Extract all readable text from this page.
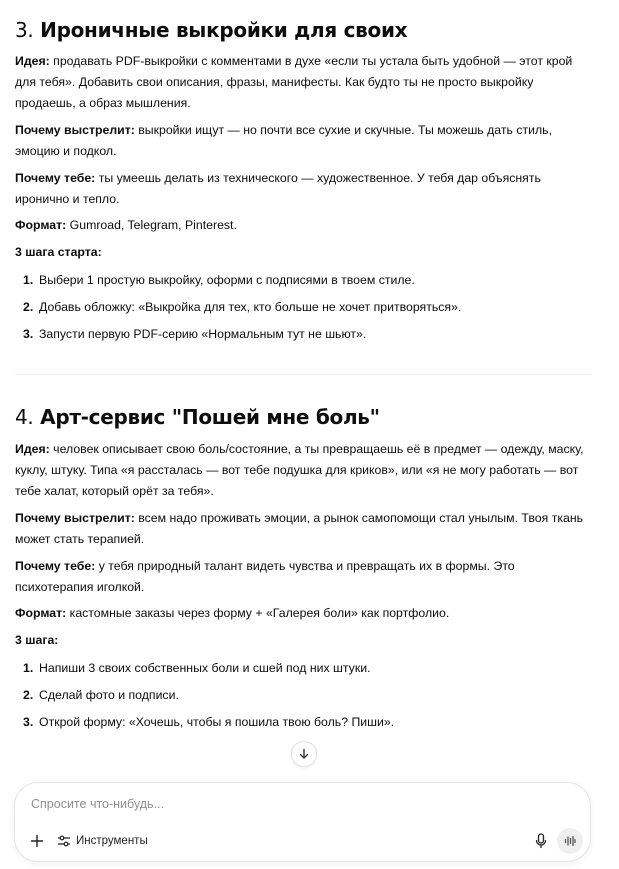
3. Ироничные выкройки для своих

Идея: продавать PDF-выкройки с комментами в духе «если ты устала быть удобной — этот крой для тебя». Добавить свои описания, фразы, манифесты. Как будто ты не просто выкройку продаешь, а образ мышления.

Почему выстрелит: выкройки ищут — но почти все сухие и скучные. Ты можешь дать стиль, эмоцию и подкол.

Почему тебе: ты умеешь делать из технического — художественное. У тебя дар объяснять иронично и тепло.

Формат: Gumroad, Telegram, Pinterest.

3 шага старта:

1. Выбери 1 простую выкройку, оформи с подписями в твоем стиле.
2. Добавь обложку: «Выкройка для тех, кто больше не хочет притворяться».
3. Запусти первую PDF-серию «Нормальным тут не шьют».
4. Арт-сервис "Пошей мне боль"

Идея: человек описывает свою боль/состояние, а ты превращаешь её в предмет — одежду, маску, куклу, штуку. Типа «я рассталась — вот тебе подушка для криков», или «я не могу работать — вот тебе халат, который орёт за тебя».

Почему выстрелит: всем надо проживать эмоции, а рынок самопомощи стал унылым. Твоя ткань может стать терапией.

Почему тебе: у тебя природный талант видеть чувства и превращать их в формы. Это психотерапия иголкой.

Формат: кастомные заказы через форму + «Галерея боли» как портфолио.

3 шага:

1. Напиши 3 своих собственных боли и сшей под них штуки.
2. Сделай фото и подписи.
3. Открой форму: «Хочешь, чтобы я пошила твою боль? Пиши».
Спросите что-нибудь...
Инструменты
